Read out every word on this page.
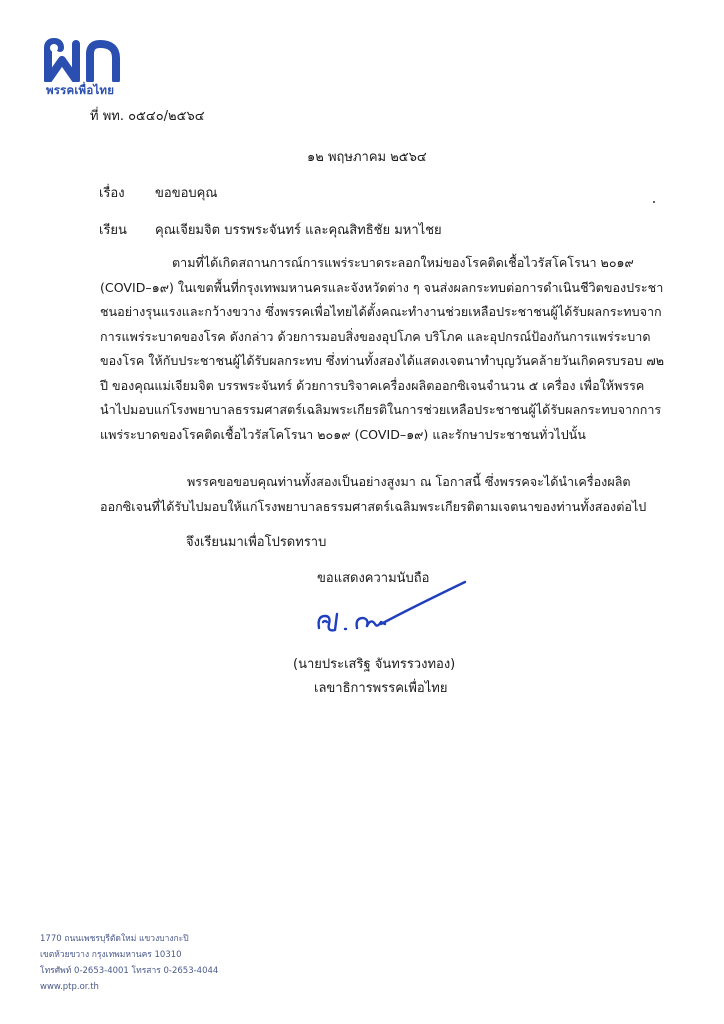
พรรคเพื่อไทย
ที่ พท. ๐๕๔๐/๒๕๖๔
๑๒ พฤษภาคม ๒๕๖๔
เรื่อง ขอขอบคุณ
เรียน คุณเจียมจิต บรรพระจันทร์ และคุณสิทธิชัย มหาไชย
ตามที่ได้เกิดสถานการณ์การแพร่ระบาดระลอกใหม่ของโรคติดเชื้อไวรัสโคโรนา ๒๐๑๙
(COVID–๑๙) ในเขตพื้นที่กรุงเทพมหานครและจังหวัดต่าง ๆ จนส่งผลกระทบต่อการดำเนินชีวิตของประชา
ชนอย่างรุนแรงและกว้างขวาง ซึ่งพรรคเพื่อไทยได้ตั้งคณะทำงานช่วยเหลือประชาชนผู้ได้รับผลกระทบจาก
การแพร่ระบาดของโรค ดังกล่าว ด้วยการมอบสิ่งของอุปโภค บริโภค และอุปกรณ์ป้องกันการแพร่ระบาด
ของโรค ให้กับประชาชนผู้ได้รับผลกระทบ ซึ่งท่านทั้งสองได้แสดงเจตนาทำบุญวันคล้ายวันเกิดครบรอบ ๗๒
ปี ของคุณแม่เจียมจิต บรรพระจันทร์ ด้วยการบริจาคเครื่องผลิตออกซิเจนจำนวน ๕ เครื่อง เพื่อให้พรรค
นำไปมอบแก่โรงพยาบาลธรรมศาสตร์เฉลิมพระเกียรติในการช่วยเหลือประชาชนผู้ได้รับผลกระทบจากการ
แพร่ระบาดของโรคติดเชื้อไวรัสโคโรนา ๒๐๑๙ (COVID–๑๙) และรักษาประชาชนทั่วไปนั้น
พรรคขอขอบคุณท่านทั้งสองเป็นอย่างสูงมา ณ โอกาสนี้ ซึ่งพรรคจะได้นำเครื่องผลิต
ออกซิเจนที่ได้รับไปมอบให้แก่โรงพยาบาลธรรมศาสตร์เฉลิมพระเกียรติตามเจตนาของท่านทั้งสองต่อไป
จึงเรียนมาเพื่อโปรดทราบ
ขอแสดงความนับถือ
(นายประเสริฐ จันทรรวงทอง)
เลขาธิการพรรคเพื่อไทย
1770 ถนนเพชรบุรีตัดใหม่ แขวงบางกะปิ
เขตห้วยขวาง กรุงเทพมหานคร 10310
โทรศัพท์ 0-2653-4001 โทรสาร 0-2653-4044
www.ptp.or.th
